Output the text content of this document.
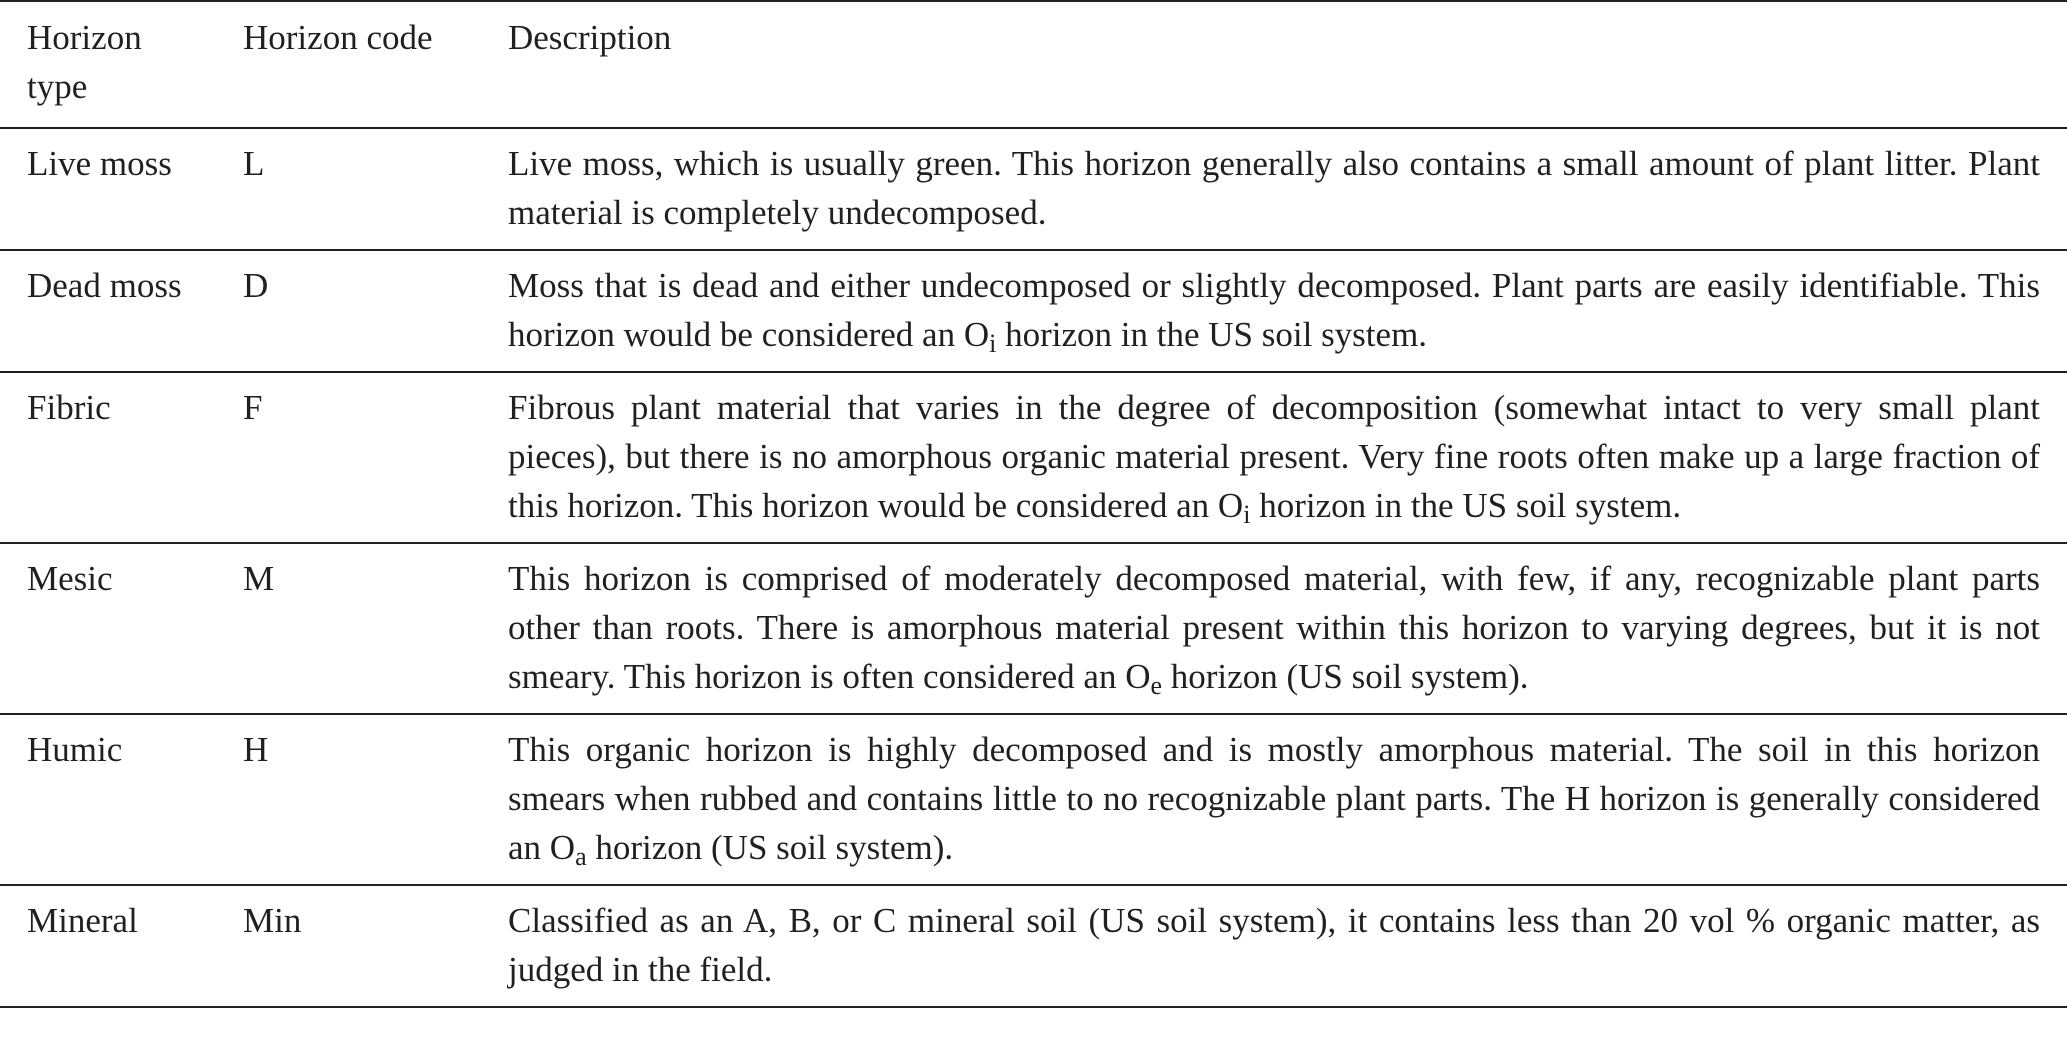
Horizon
type	Horizon code	Description
Live moss	L	Live moss, which is usually green. This horizon generally also contains a small amount of plant litter. Plant material is completely undecomposed.
Dead moss	D	Moss that is dead and either undecomposed or slightly decomposed. Plant parts are easily identifiable. This horizon would be considered an $O_i$ horizon in the US soil system.
Fibric	F	Fibrous plant material that varies in the degree of decomposition (somewhat intact to very small plant pieces), but there is no amorphous organic material present. Very fine roots often make up a large fraction of this horizon. This horizon would be considered an $O_i$ horizon in the US soil system.
Mesic	M	This horizon is comprised of moderately decomposed material, with few, if any, recognizable plant parts other than roots. There is amorphous material present within this horizon to varying degrees, but it is not smeary. This horizon is often considered an $O_e$ horizon (US soil system).
Humic	H	This organic horizon is highly decomposed and is mostly amorphous material. The soil in this horizon smears when rubbed and contains little to no recognizable plant parts. The H horizon is generally considered an $O_a$ horizon (US soil system).
Mineral	Min	Classified as an A, B, or C mineral soil (US soil system), it contains less than 20 vol % organic matter, as judged in the field.
